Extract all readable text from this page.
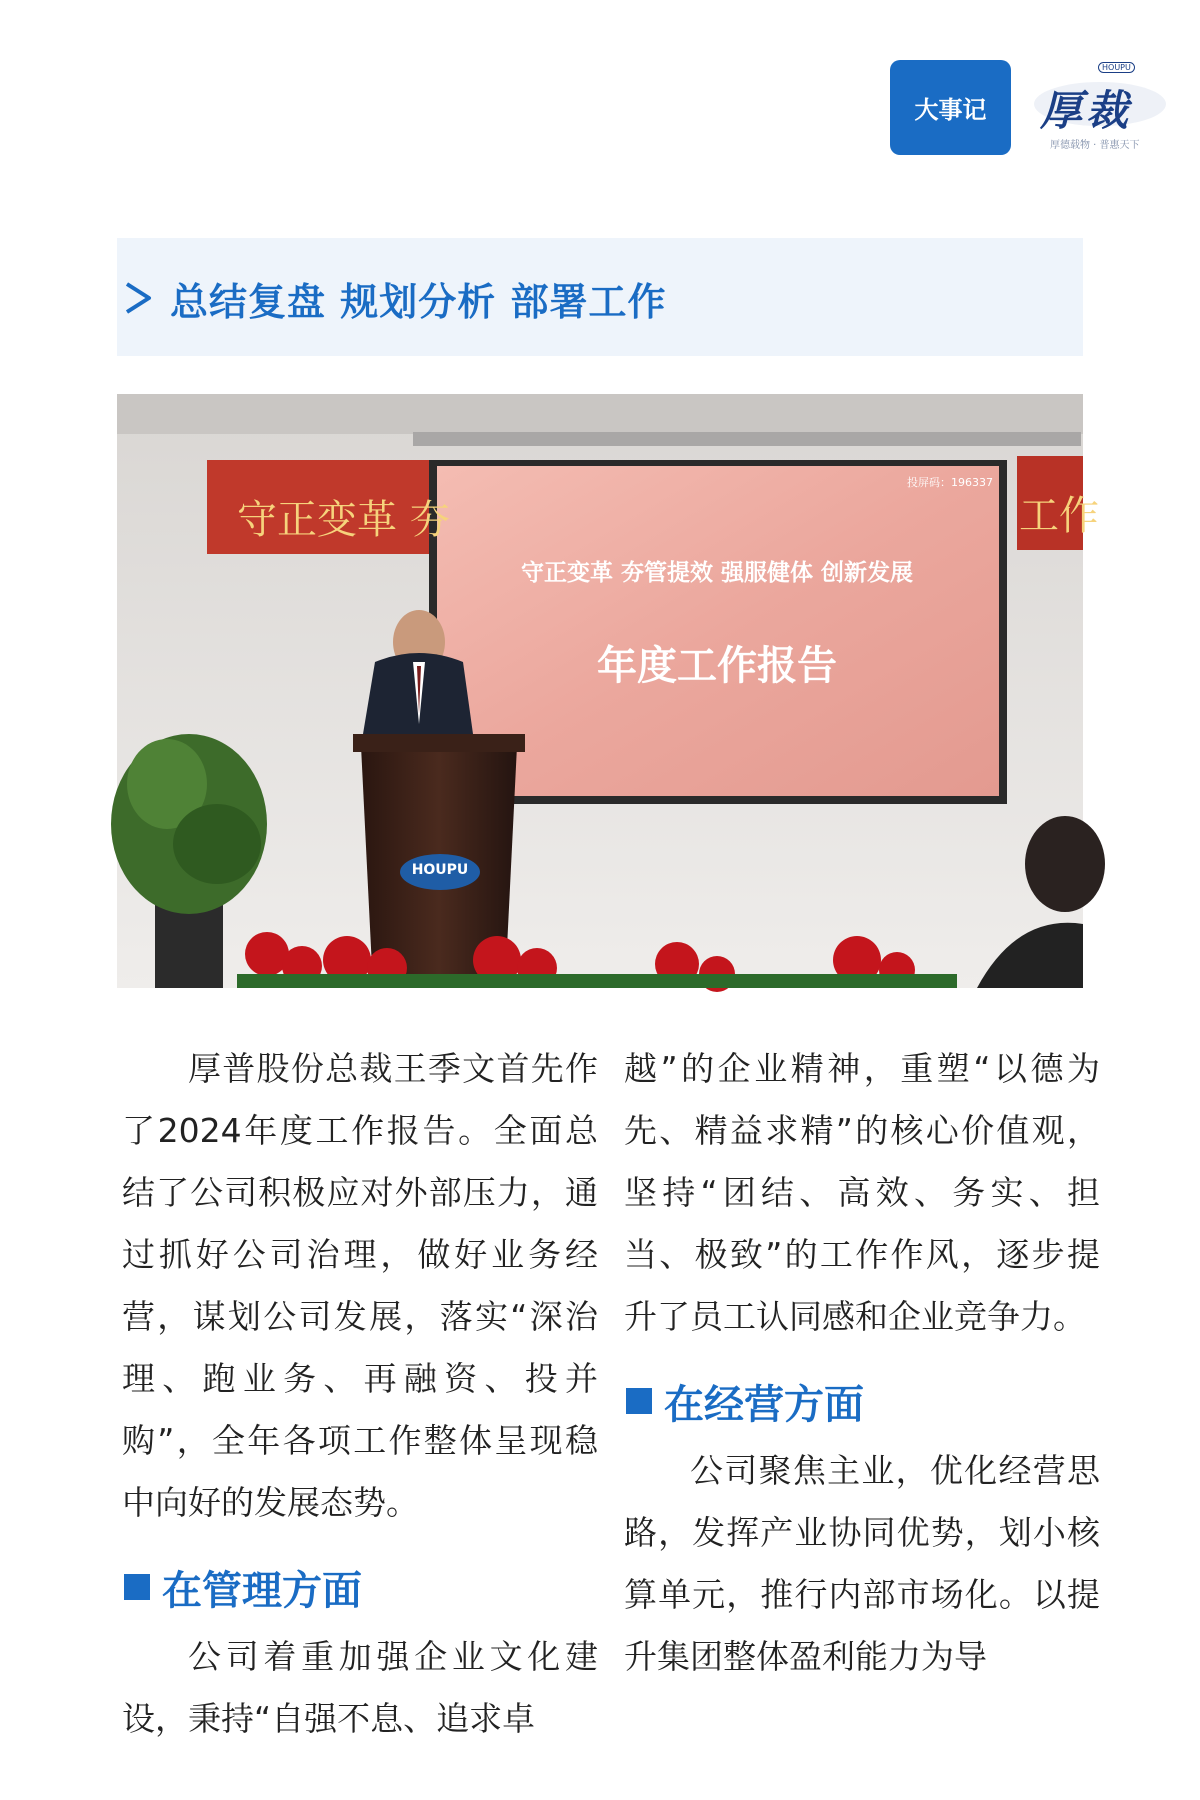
大事记 厚裁
HOUPU
厚德载物 · 普惠天下
总结复盘 规划分析 部署工作
守正变革 夯	工作
投屏码：196337
守正变革 夯管提效 强服健体 创新发展
年度工作报告
HOUPU

厚普股份总裁王季文首先作了2024年度工作报告。全面总结了公司积极应对外部压力，通过抓好公司治理，做好业务经营，谋划公司发展，落实“深治理、跑业务、再融资、投并购”，全年各项工作整体呈现稳中向好的发展态势。

在管理方面

公司着重加强企业文化建设，秉持“自强不息、追求卓

越”的企业精神，重塑“以德为先、精益求精”的核心价值观，坚持“团结、高效、务实、担当、极致”的工作作风，逐步提升了员工认同感和企业竞争力。

在经营方面

公司聚焦主业，优化经营思路，发挥产业协同优势，划小核算单元，推行内部市场化。以提升集团整体盈利能力为导
